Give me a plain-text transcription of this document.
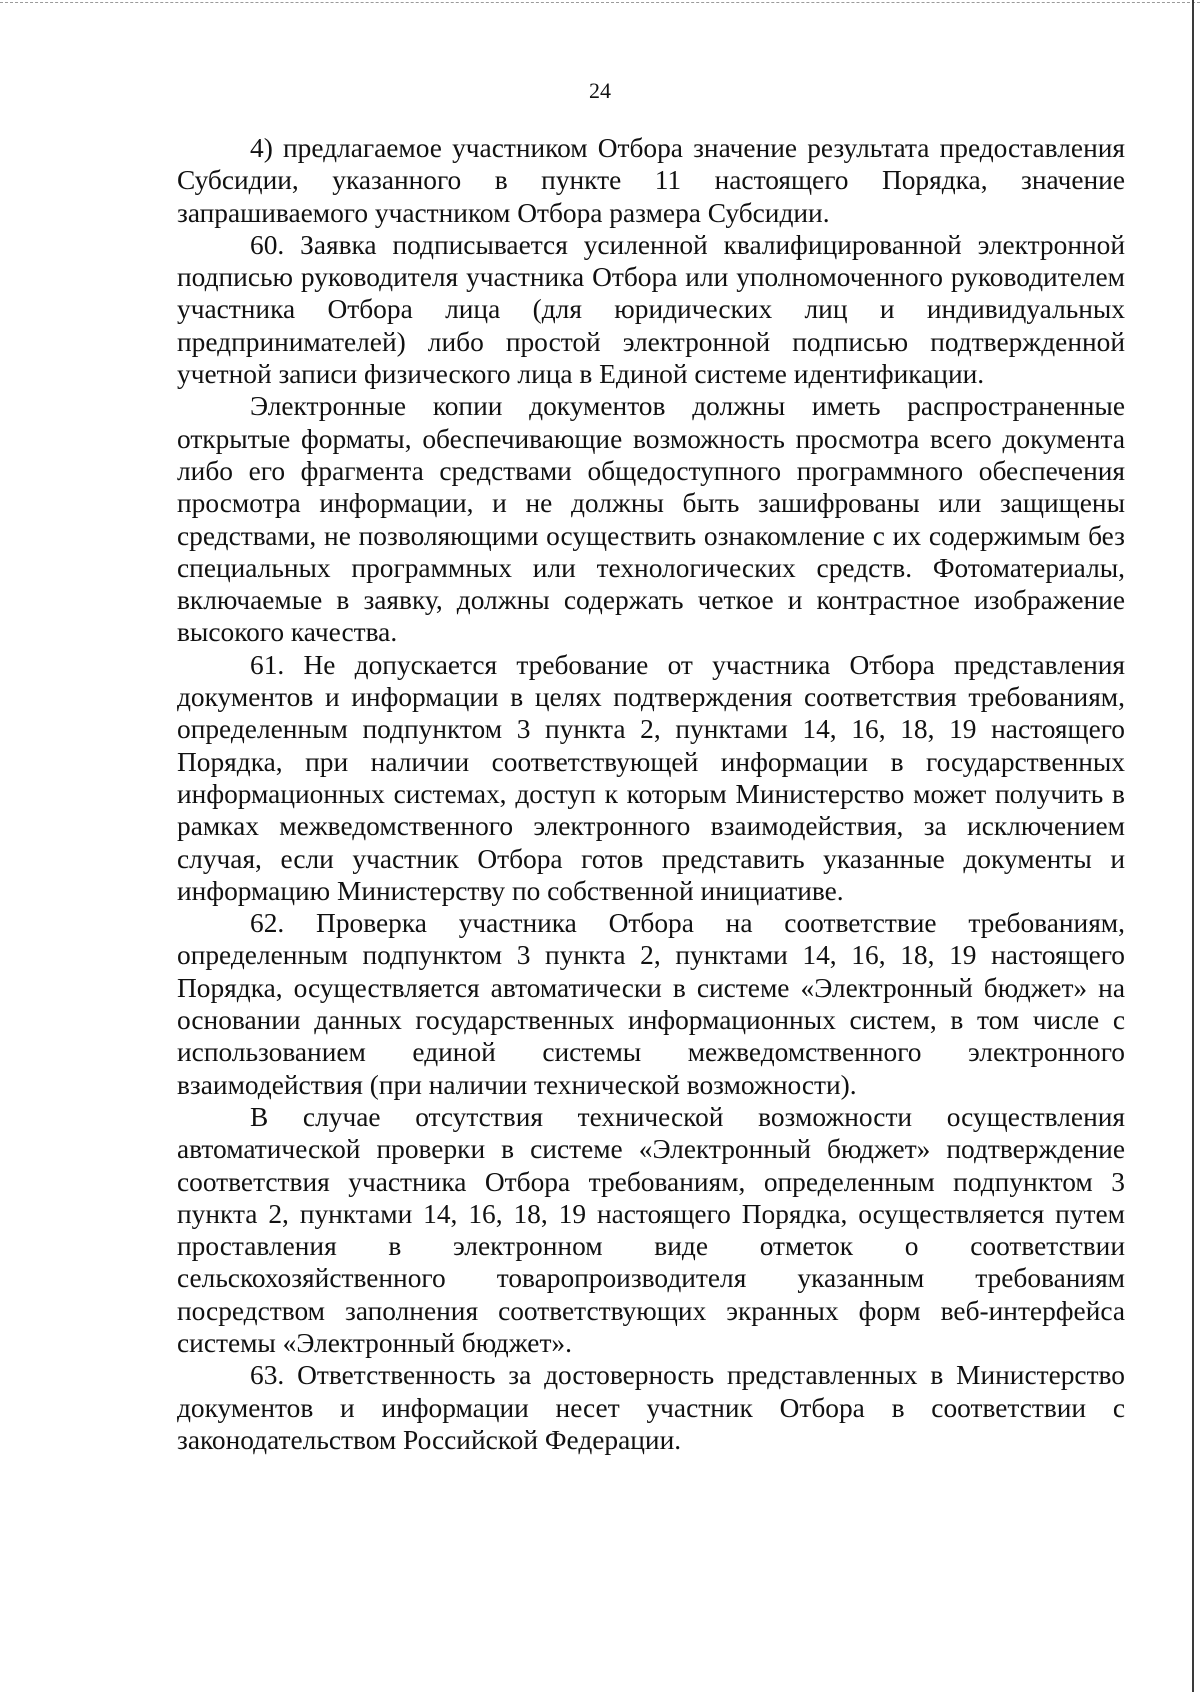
24

4) предлагаемое участником Отбора значение результата предоставления Субсидии, указанного в пункте 11 настоящего Порядка, значение запрашиваемого участником Отбора размера Субсидии.

60. Заявка подписывается усиленной квалифицированной электронной подписью руководителя участника Отбора или уполномоченного руководителем участника Отбора лица (для юридических лиц и индивидуальных предпринимателей) либо простой электронной подписью подтвержденной учетной записи физического лица в Единой системе идентификации.

Электронные копии документов должны иметь распространенные открытые форматы, обеспечивающие возможность просмотра всего документа либо его фрагмента средствами общедоступного программного обеспечения просмотра информации, и не должны быть зашифрованы или защищены средствами, не позволяющими осуществить ознакомление с их содержимым без специальных программных или технологических средств. Фотоматериалы, включаемые в заявку, должны содержать четкое и контрастное изображение высокого качества.

61. Не допускается требование от участника Отбора представления документов и информации в целях подтверждения соответствия требованиям, определенным подпунктом 3 пункта 2, пунктами 14, 16, 18, 19 настоящего Порядка, при наличии соответствующей информации в государственных информационных системах, доступ к которым Министерство может получить в рамках межведомственного электронного взаимодействия, за исключением случая, если участник Отбора готов представить указанные документы и информацию Министерству по собственной инициативе.

62. Проверка участника Отбора на соответствие требованиям, определенным подпунктом 3 пункта 2, пунктами 14, 16, 18, 19 настоящего Порядка, осуществляется автоматически в системе «Электронный бюджет» на основании данных государственных информационных систем, в том числе с использованием единой системы межведомственного электронного взаимодействия (при наличии технической возможности).

В случае отсутствия технической возможности осуществления автоматической проверки в системе «Электронный бюджет» подтверждение соответствия участника Отбора требованиям, определенным подпунктом 3 пункта 2, пунктами 14, 16, 18, 19 настоящего Порядка, осуществляется путем проставления в электронном виде отметок о соответствии сельскохозяйственного товаропроизводителя указанным требованиям посредством заполнения соответствующих экранных форм веб-интерфейса системы «Электронный бюджет».

63. Ответственность за достоверность представленных в Министерство документов и информации несет участник Отбора в соответствии с законодательством Российской Федерации.
